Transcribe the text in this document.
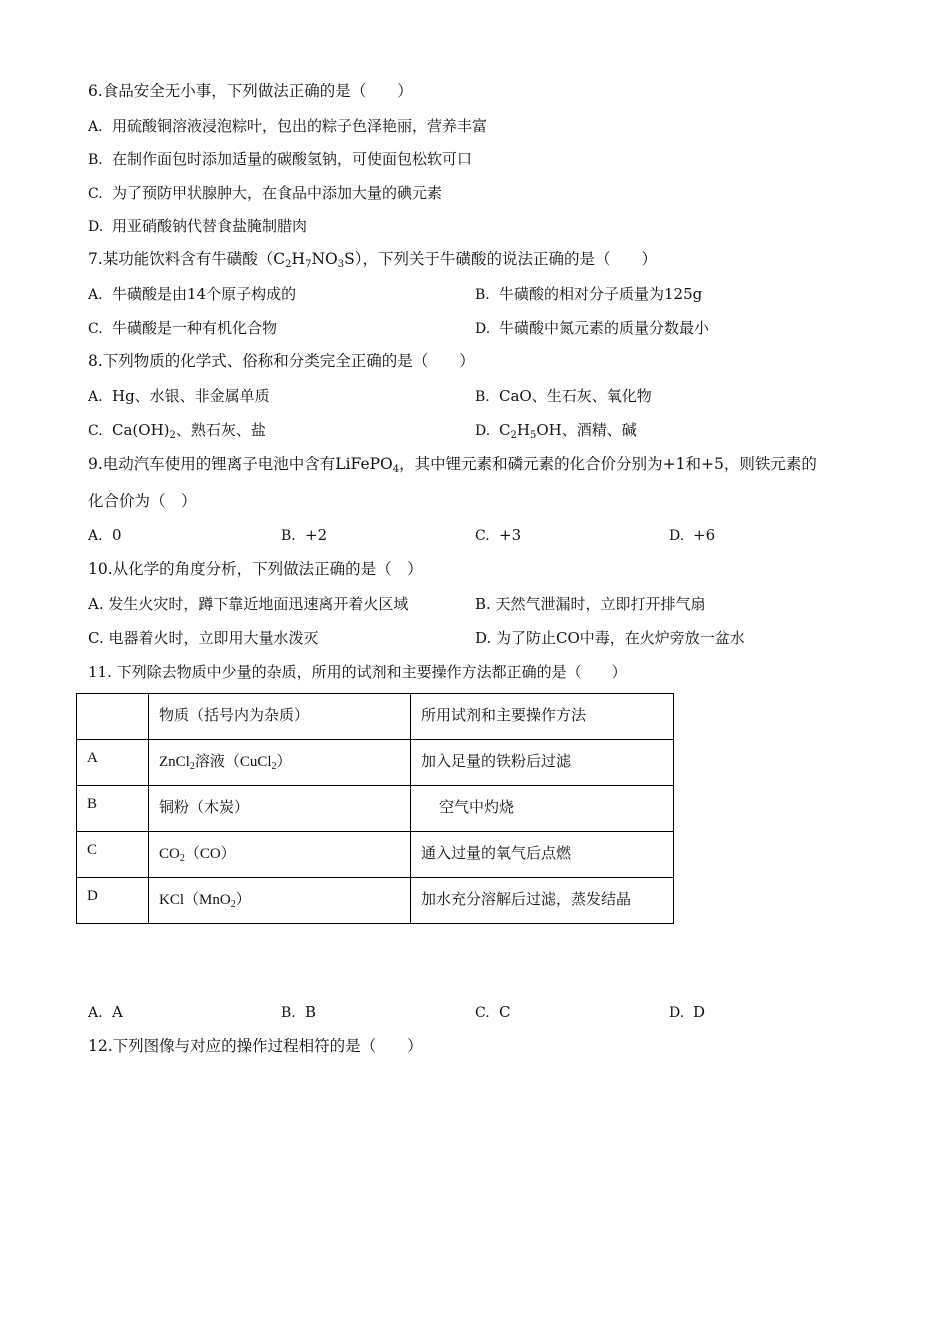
6.食品安全无小事，下列做法正确的是（　　）
A. 用硫酸铜溶液浸泡粽叶，包出的粽子色泽艳丽，营养丰富
B. 在制作面包时添加适量的碳酸氢钠，可使面包松软可口
C. 为了预防甲状腺肿大，在食品中添加大量的碘元素
D. 用亚硝酸钠代替食盐腌制腊肉
7.某功能饮料含有牛磺酸$(C_2H_7NO_3S)$，下列关于牛磺酸的说法正确的是（　　）
A. 牛磺酸是由14个原子构成的	B. 牛磺酸的相对分子质量为125g
C. 牛磺酸是一种有机化合物	D. 牛磺酸中氮元素的质量分数最小
8.下列物质的化学式、俗称和分类完全正确的是（　　）
A. Hg、水银、非金属单质	B. CaO、生石灰、氧化物
C. $Ca(OH)_2$、熟石灰、盐	D. $C_2H_5OH$、酒精、碱
9.电动汽车使用的锂离子电池中含有LiFePO$_4$，其中锂元素和磷元素的化合价分别为+1和+5，则铁元素的
化合价为（　）
A. 0	B. +2	C. +3	D. +6
10.从化学的角度分析，下列做法正确的是（　）
A. 发生火灾时，蹲下靠近地面迅速离开着火区域	B. 天然气泄漏时，立即打开排气扇
C. 电器着火时，立即用大量水泼灭	D. 为了防止CO中毒，在火炉旁放一盆水
11. 下列除去物质中少量的杂质，所用的试剂和主要操作方法都正确的是（　　）
	物质（括号内为杂质）	所用试剂和主要操作方法
A	ZnCl$_2$溶液（CuCl$_2$）	加入足量的铁粉后过滤
B	铜粉（木炭）	空气中灼烧
C	$CO_2(CO)$	通入过量的氧气后点燃
D	KCl（MnO$_2$）	加水充分溶解后过滤，蒸发结晶
A. A	B. B	C. C	D. D
12.下列图像与对应的操作过程相符的是（　　）
